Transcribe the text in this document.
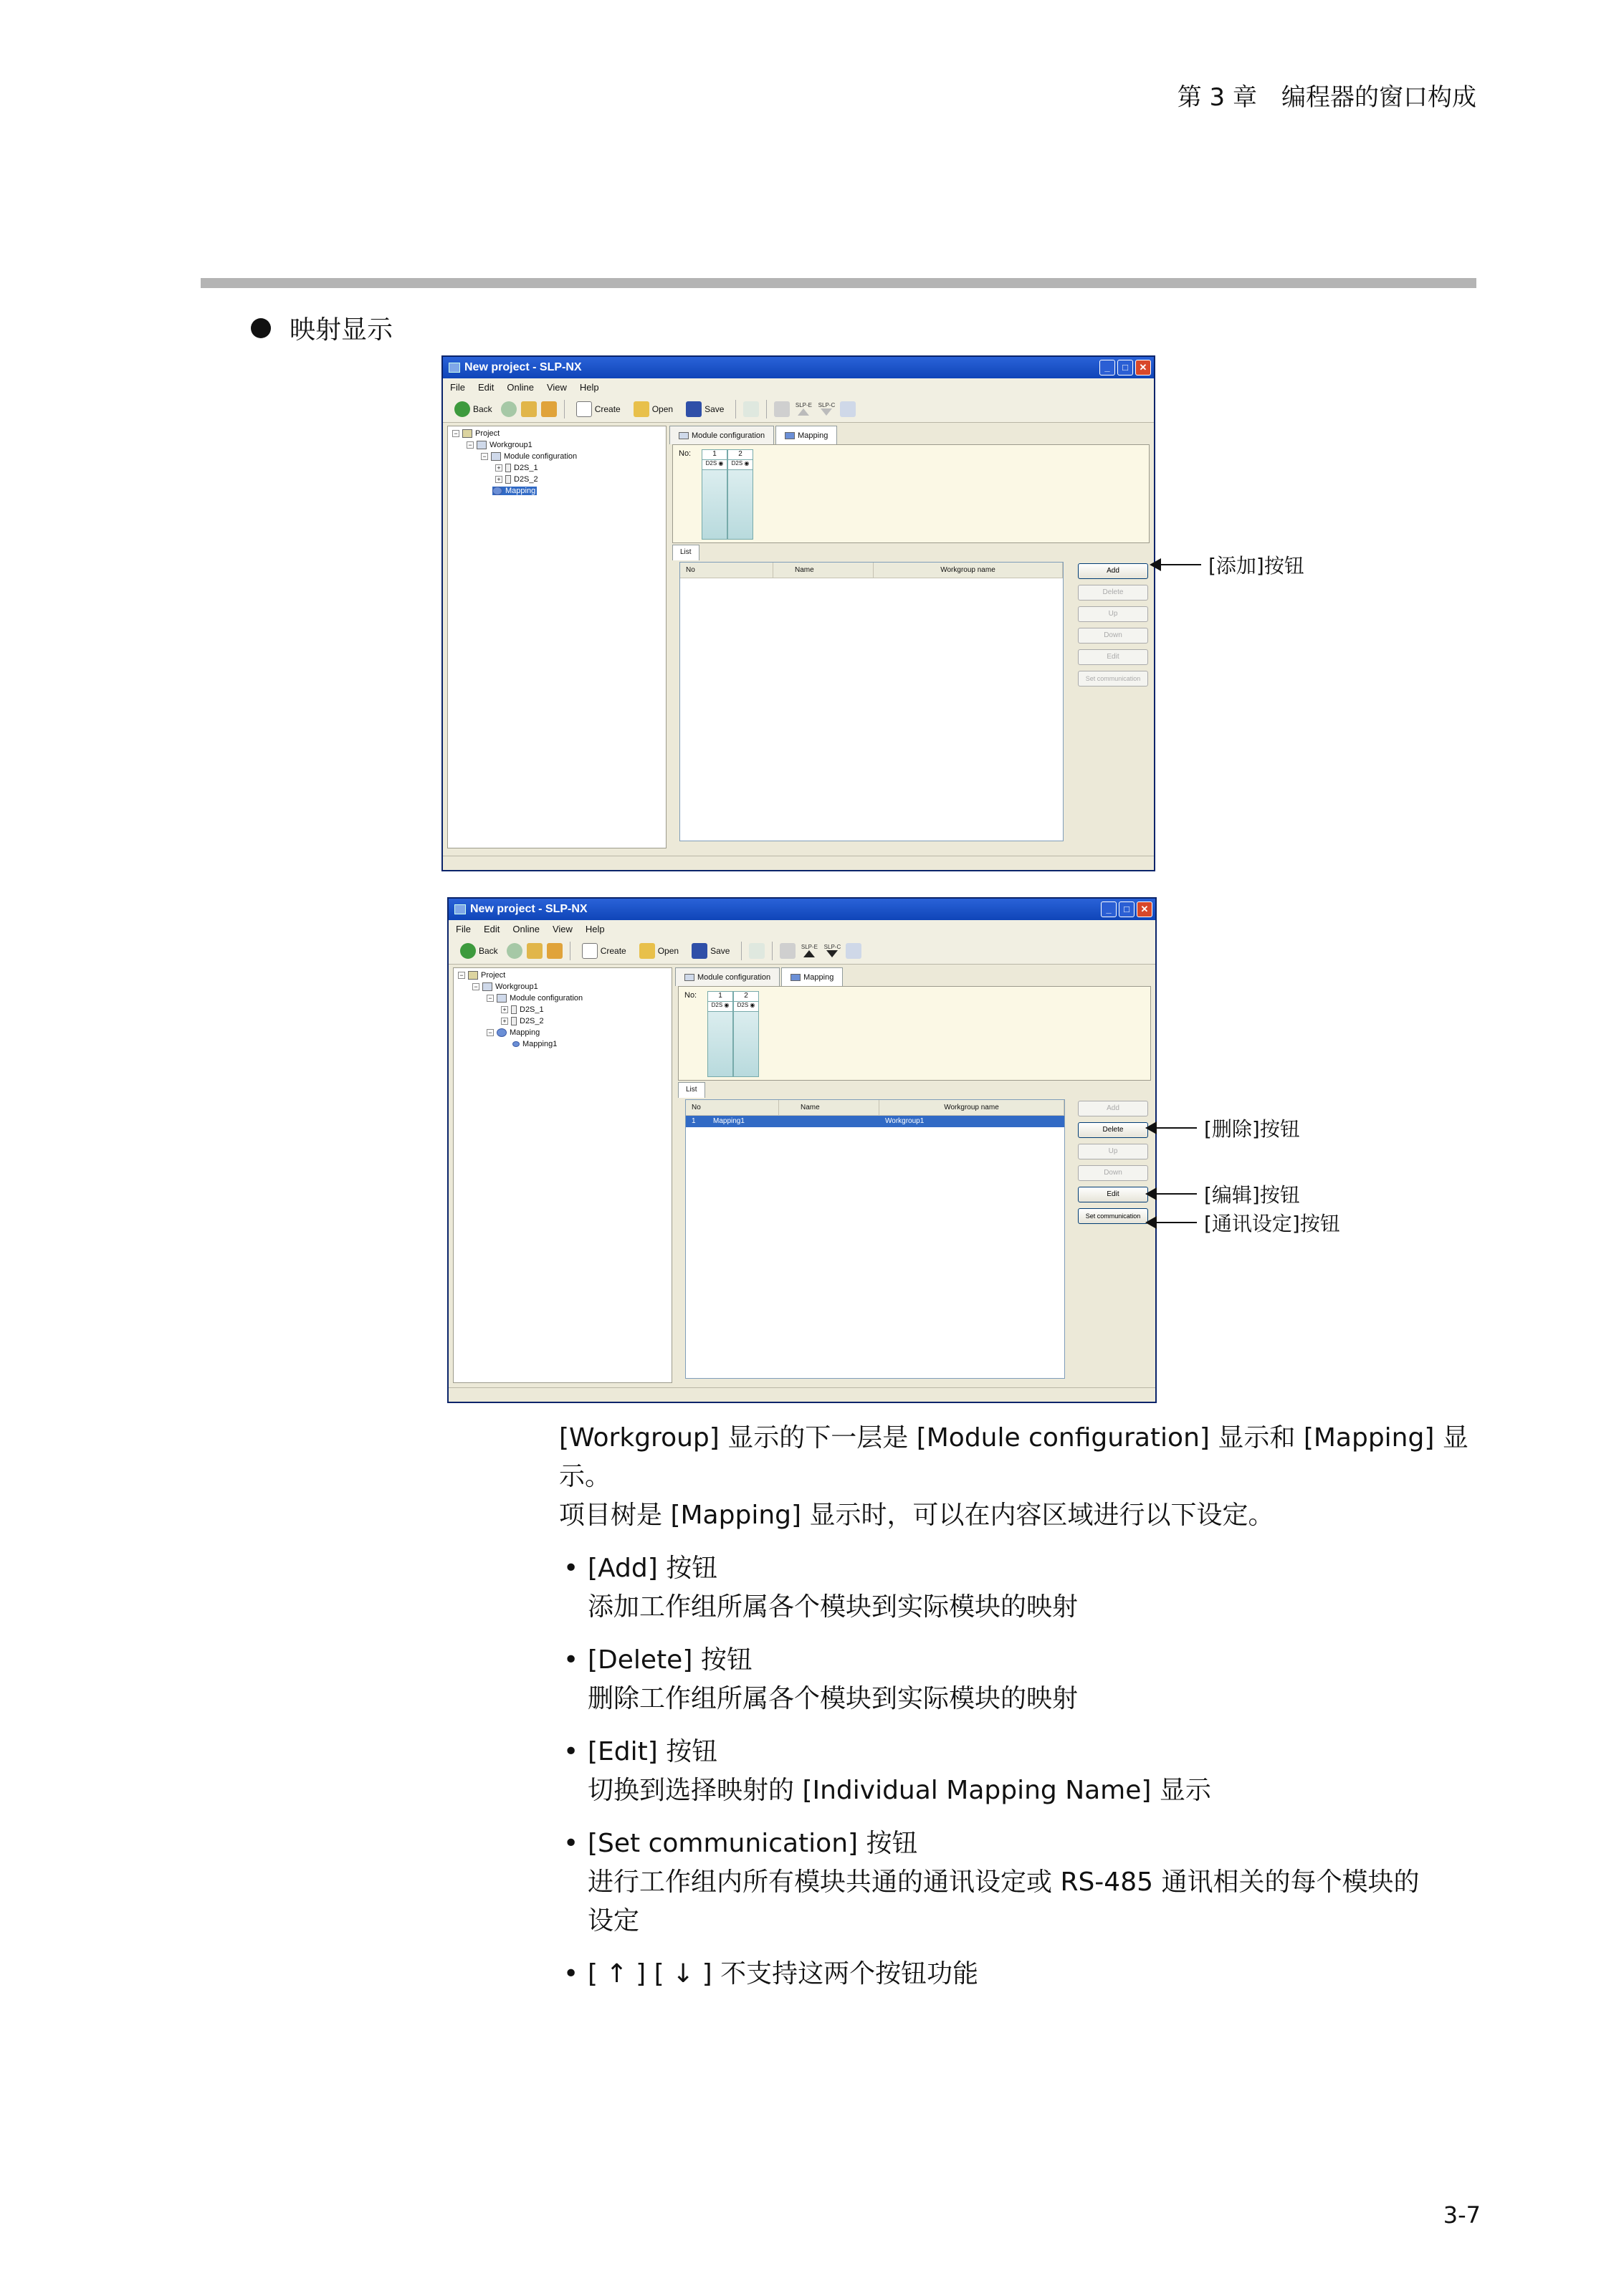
第 3 章　编程器的窗口构成
映射显示
New project - SLP-NX	_	□	✕
File Edit Online View Help
Back	Create	Open	Save	SLP-E SLP-C
− Project
− Workgroup1
− Module configuration
+ D2S_1
+ D2S_2
Mapping
Module configuration	Mapping
No:	1
D2S ◉
2
D2S ◉
List
No	Name	Workgroup name	Add
Delete
Up
Down
Edit
Set communication
[添加]按钮
New project - SLP-NX	_	□	✕
File Edit Online View Help
Back	Create	Open	Save	SLP-E SLP-C
− Project
− Workgroup1
− Module configuration
+ D2S_1
+ D2S_2
− Mapping
Mapping1
Module configuration	Mapping
No:	1
D2S ◉
2
D2S ◉
List
No	Name	Workgroup name
1	Mapping1	Workgroup1
Add
Delete
Up
Down
Edit
Set communication
[删除]按钮
[编辑]按钮
[通讯设定]按钮
[Workgroup] 显示的下一层是 [Module configuration] 显示和 [Mapping] 显示。
项目树是 [Mapping] 显示时，可以在内容区域进行以下设定。
• [Add] 按钮
添加工作组所属各个模块到实际模块的映射
• [Delete] 按钮
删除工作组所属各个模块到实际模块的映射
• [Edit] 按钮
切换到选择映射的 [Individual Mapping Name] 显示
• [Set communication] 按钮
进行工作组内所有模块共通的通讯设定或 RS-485 通讯相关的每个模块的
设定
• [ ↑ ] [ ↓ ] 不支持这两个按钮功能
3-7
